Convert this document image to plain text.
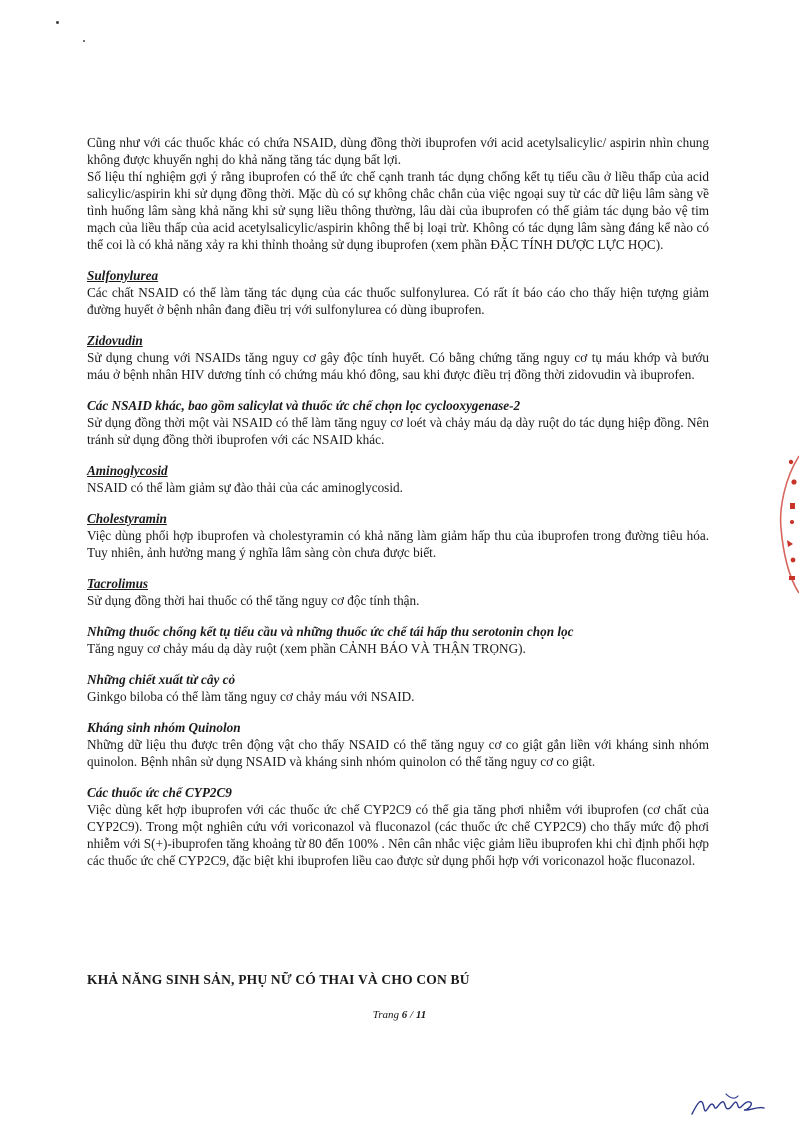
Cũng như với các thuốc khác có chứa NSAID, dùng đồng thời ibuprofen với acid acetylsalicylic/ aspirin nhìn chung không được khuyến nghị do khả năng tăng tác dụng bất lợi.

Số liệu thí nghiệm gợi ý rằng ibuprofen có thể ức chế cạnh tranh tác dụng chống kết tụ tiểu cầu ở liều thấp của acid salicylic/aspirin khi sử dụng đồng thời. Mặc dù có sự không chắc chắn của việc ngoại suy từ các dữ liệu lâm sàng về tình huống lâm sàng khả năng khi sử sụng liều thông thường, lâu dài của ibuprofen có thể giảm tác dụng bảo vệ tim mạch của liều thấp của acid acetylsalicylic/aspirin không thể bị loại trừ. Không có tác dụng lâm sàng đáng kể nào có thể coi là có khả năng xảy ra khi thỉnh thoảng sử dụng ibuprofen (xem phần ĐẶC TÍNH DƯỢC LỰC HỌC).

Sulfonylurea

Các chất NSAID có thể làm tăng tác dụng của các thuốc sulfonylurea. Có rất ít báo cáo cho thấy hiện tượng giảm đường huyết ở bệnh nhân đang điều trị với sulfonylurea có dùng ibuprofen.

Zidovudin

Sử dụng chung với NSAIDs tăng nguy cơ gây độc tính huyết. Có bằng chứng tăng nguy cơ tụ máu khớp và bướu máu ở bệnh nhân HIV dương tính có chứng máu khó đông, sau khi được điều trị đồng thời zidovudin và ibuprofen.

Các NSAID khác, bao gồm salicylat và thuốc ức chế chọn lọc cyclooxygenase-2

Sử dụng đồng thời một vài NSAID có thể làm tăng nguy cơ loét và chảy máu dạ dày ruột do tác dụng hiệp đồng. Nên tránh sử dụng đồng thời ibuprofen với các NSAID khác.

Aminoglycosid

NSAID có thể làm giảm sự đào thải của các aminoglycosid.

Cholestyramin

Việc dùng phối hợp ibuprofen và cholestyramin có khả năng làm giảm hấp thu của ibuprofen trong đường tiêu hóa. Tuy nhiên, ảnh hưởng mang ý nghĩa lâm sàng còn chưa được biết.

Tacrolimus

Sử dụng đồng thời hai thuốc có thể tăng nguy cơ độc tính thận.

Những thuốc chống kết tụ tiểu cầu và những thuốc ức chế tái hấp thu serotonin chọn lọc

Tăng nguy cơ chảy máu dạ dày ruột (xem phần CẢNH BÁO VÀ THẬN TRỌNG).

Những chiết xuất từ cây cỏ

Ginkgo biloba có thể làm tăng nguy cơ chảy máu với NSAID.

Kháng sinh nhóm Quinolon

Những dữ liệu thu được trên động vật cho thấy NSAID có thể tăng nguy cơ co giật gắn liền với kháng sinh nhóm quinolon. Bệnh nhân sử dụng NSAID và kháng sinh nhóm quinolon có thể tăng nguy cơ co giật.

Các thuốc ức chế CYP2C9

Việc dùng kết hợp ibuprofen với các thuốc ức chế CYP2C9 có thể gia tăng phơi nhiễm với ibuprofen (cơ chất của CYP2C9). Trong một nghiên cứu với voriconazol và fluconazol (các thuốc ức chế CYP2C9) cho thấy mức độ phơi nhiễm với S(+)-ibuprofen tăng khoảng từ 80 đến 100% . Nên cân nhắc việc giảm liều ibuprofen khi chỉ định phối hợp các thuốc ức chế CYP2C9, đặc biệt khi ibuprofen liều cao được sử dụng phối hợp với voriconazol hoặc fluconazol.

KHẢ NĂNG SINH SẢN, PHỤ NỮ CÓ THAI VÀ CHO CON BÚ
Trang 6 / 11
